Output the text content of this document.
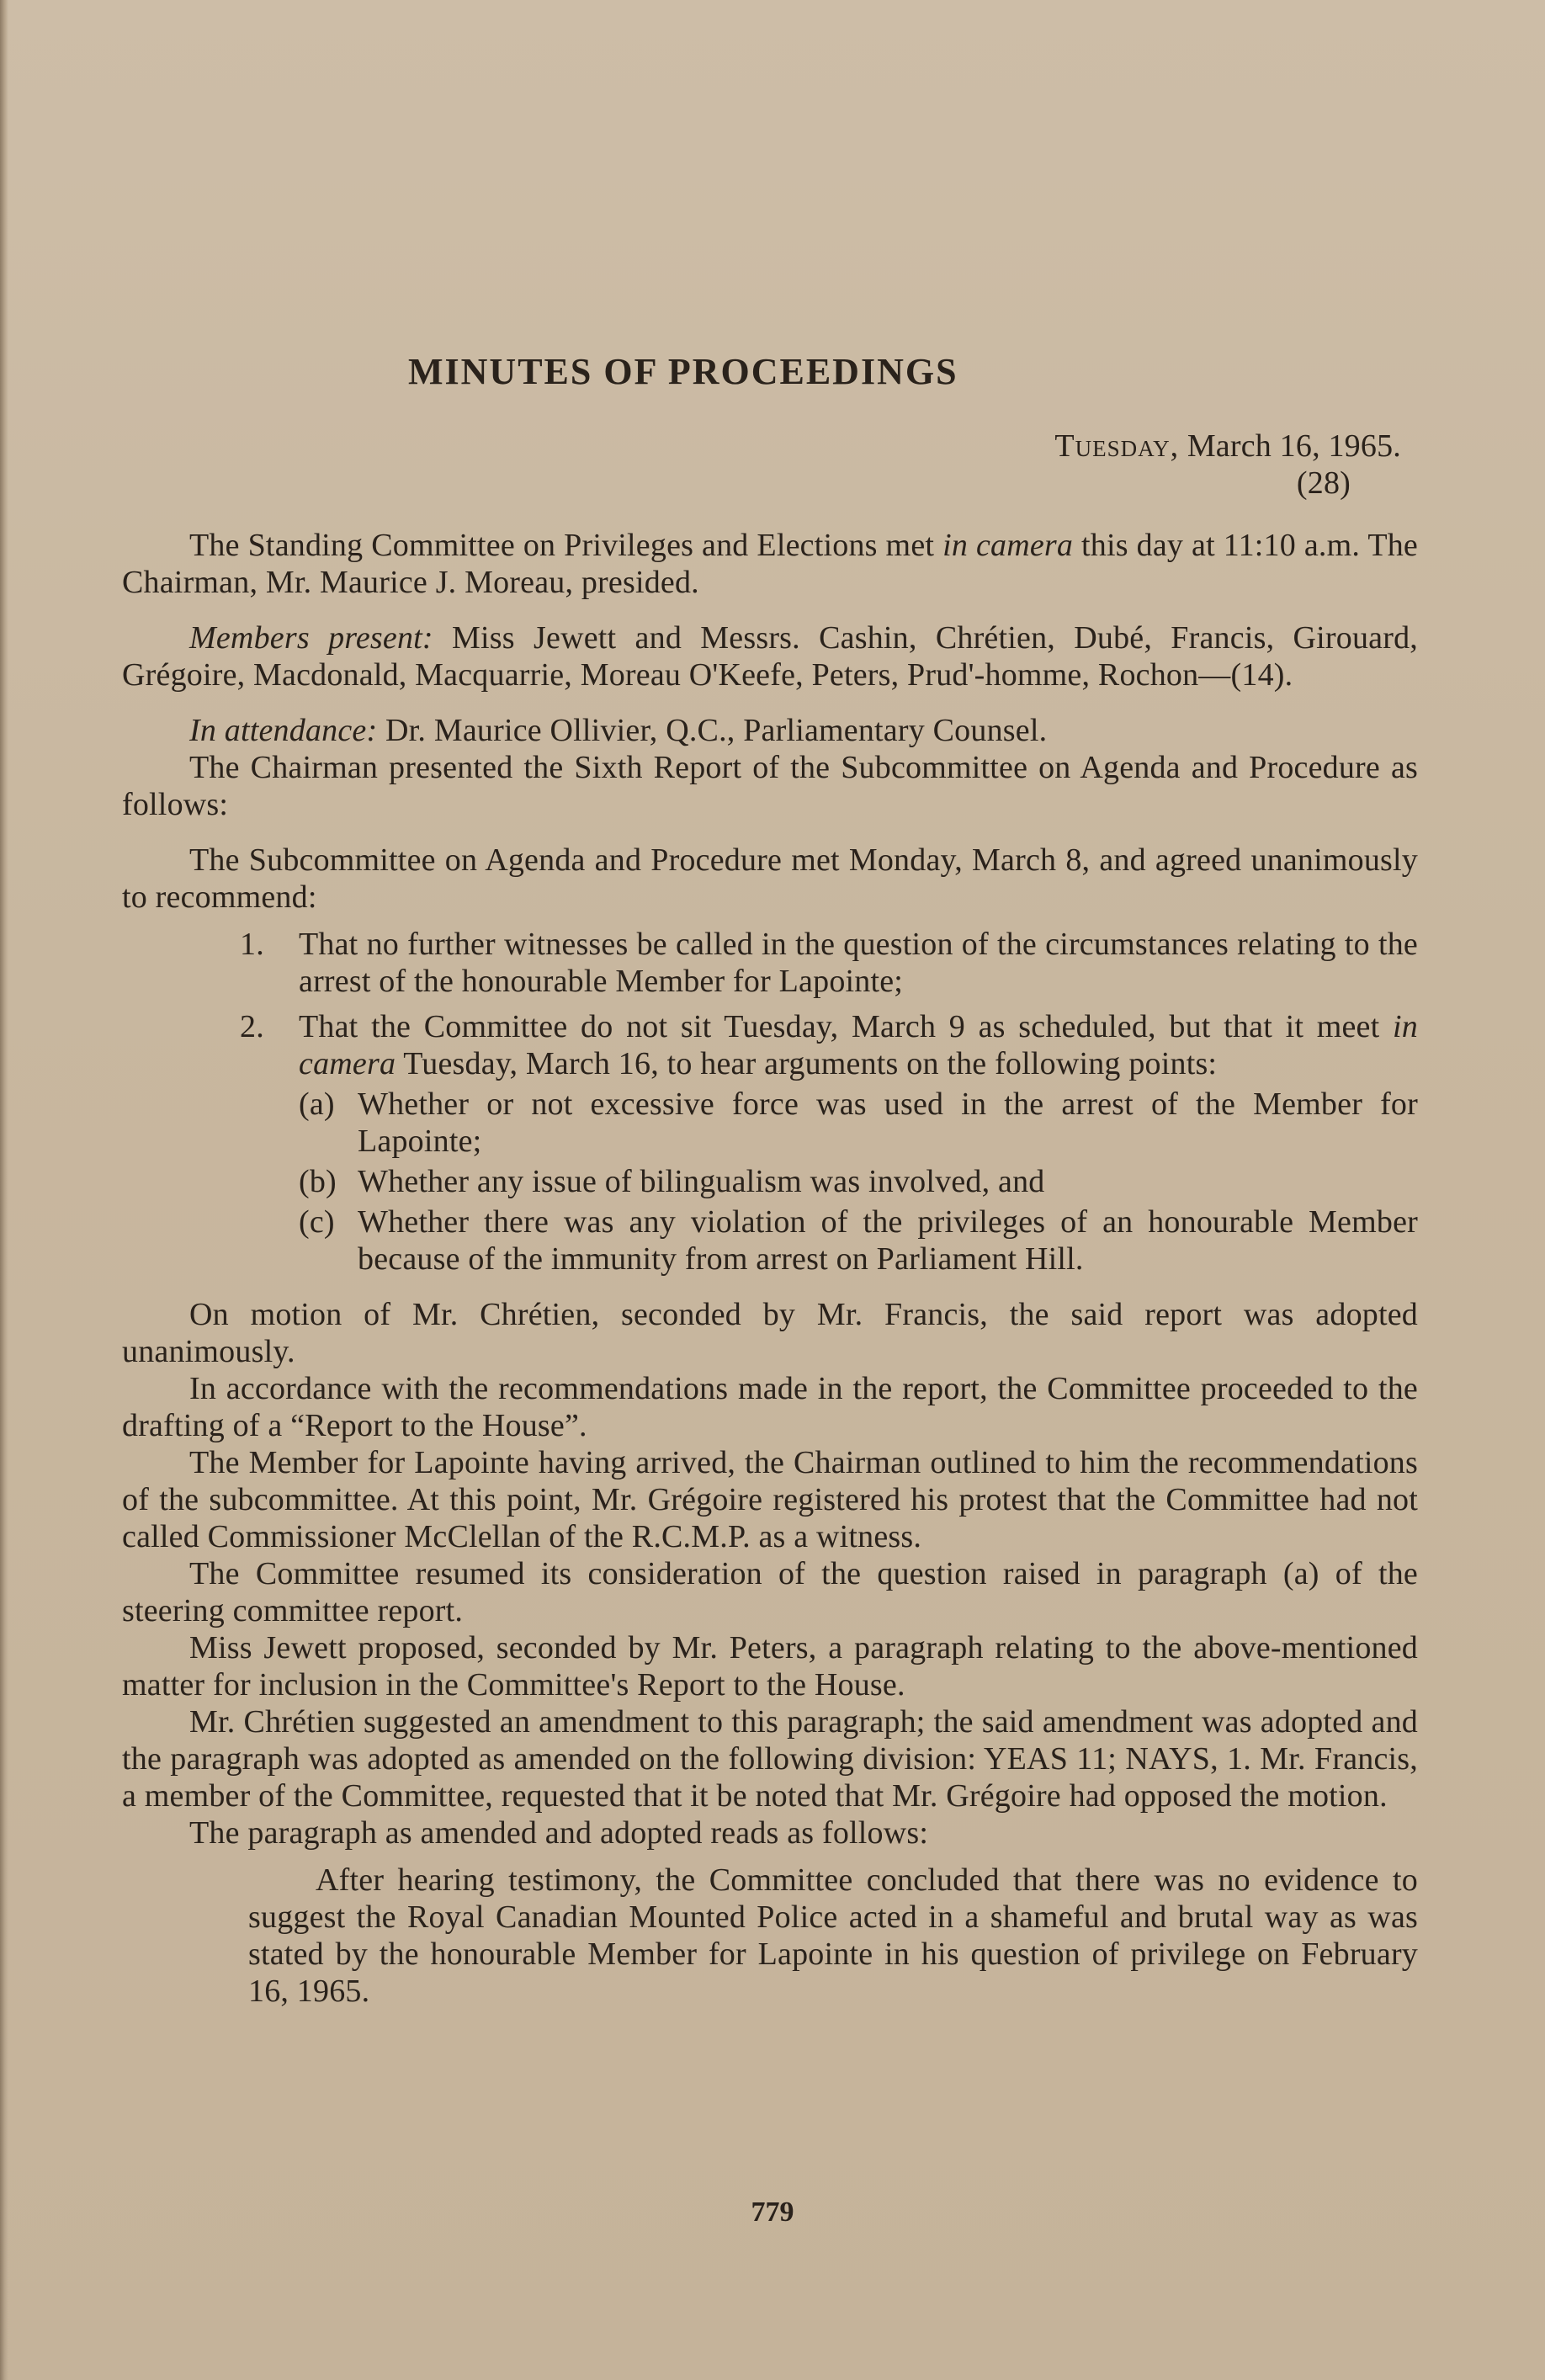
MINUTES OF PROCEEDINGS
Tuesday, March 16, 1965.
(28)

The Standing Committee on Privileges and Elections met in camera this day at 11:10 a.m. The Chairman, Mr. Maurice J. Moreau, presided.

Members present: Miss Jewett and Messrs. Cashin, Chrétien, Dubé, Francis, Girouard, Grégoire, Macdonald, Macquarrie, Moreau O'Keefe, Peters, Prud'-homme, Rochon—(14).

In attendance: Dr. Maurice Ollivier, Q.C., Parliamentary Counsel.

The Chairman presented the Sixth Report of the Subcommittee on Agenda and Procedure as follows:

The Subcommittee on Agenda and Procedure met Monday, March 8, and agreed unanimously to recommend:

1.	That no further witnesses be called in the question of the circumstances relating to the arrest of the honourable Member for Lapointe;
2.	That the Committee do not sit Tuesday, March 9 as scheduled, but that it meet in camera Tuesday, March 16, to hear arguments on the following points:
(a) Whether or not excessive force was used in the arrest of the Member for Lapointe;
(b) Whether any issue of bilingualism was involved, and
(c) Whether there was any violation of the privileges of an honourable Member because of the immunity from arrest on Parliament Hill.

On motion of Mr. Chrétien, seconded by Mr. Francis, the said report was adopted unanimously.

In accordance with the recommendations made in the report, the Committee proceeded to the drafting of a “Report to the House”.

The Member for Lapointe having arrived, the Chairman outlined to him the recommendations of the subcommittee. At this point, Mr. Grégoire registered his protest that the Committee had not called Commissioner McClellan of the R.C.M.P. as a witness.

The Committee resumed its consideration of the question raised in paragraph (a) of the steering committee report.

Miss Jewett proposed, seconded by Mr. Peters, a paragraph relating to the above-mentioned matter for inclusion in the Committee's Report to the House.

Mr. Chrétien suggested an amendment to this paragraph; the said amendment was adopted and the paragraph was adopted as amended on the following division: YEAS 11; NAYS, 1. Mr. Francis, a member of the Committee, requested that it be noted that Mr. Grégoire had opposed the motion.

The paragraph as amended and adopted reads as follows:

After hearing testimony, the Committee concluded that there was no evidence to suggest the Royal Canadian Mounted Police acted in a shameful and brutal way as was stated by the honourable Member for Lapointe in his question of privilege on February 16, 1965.

779
